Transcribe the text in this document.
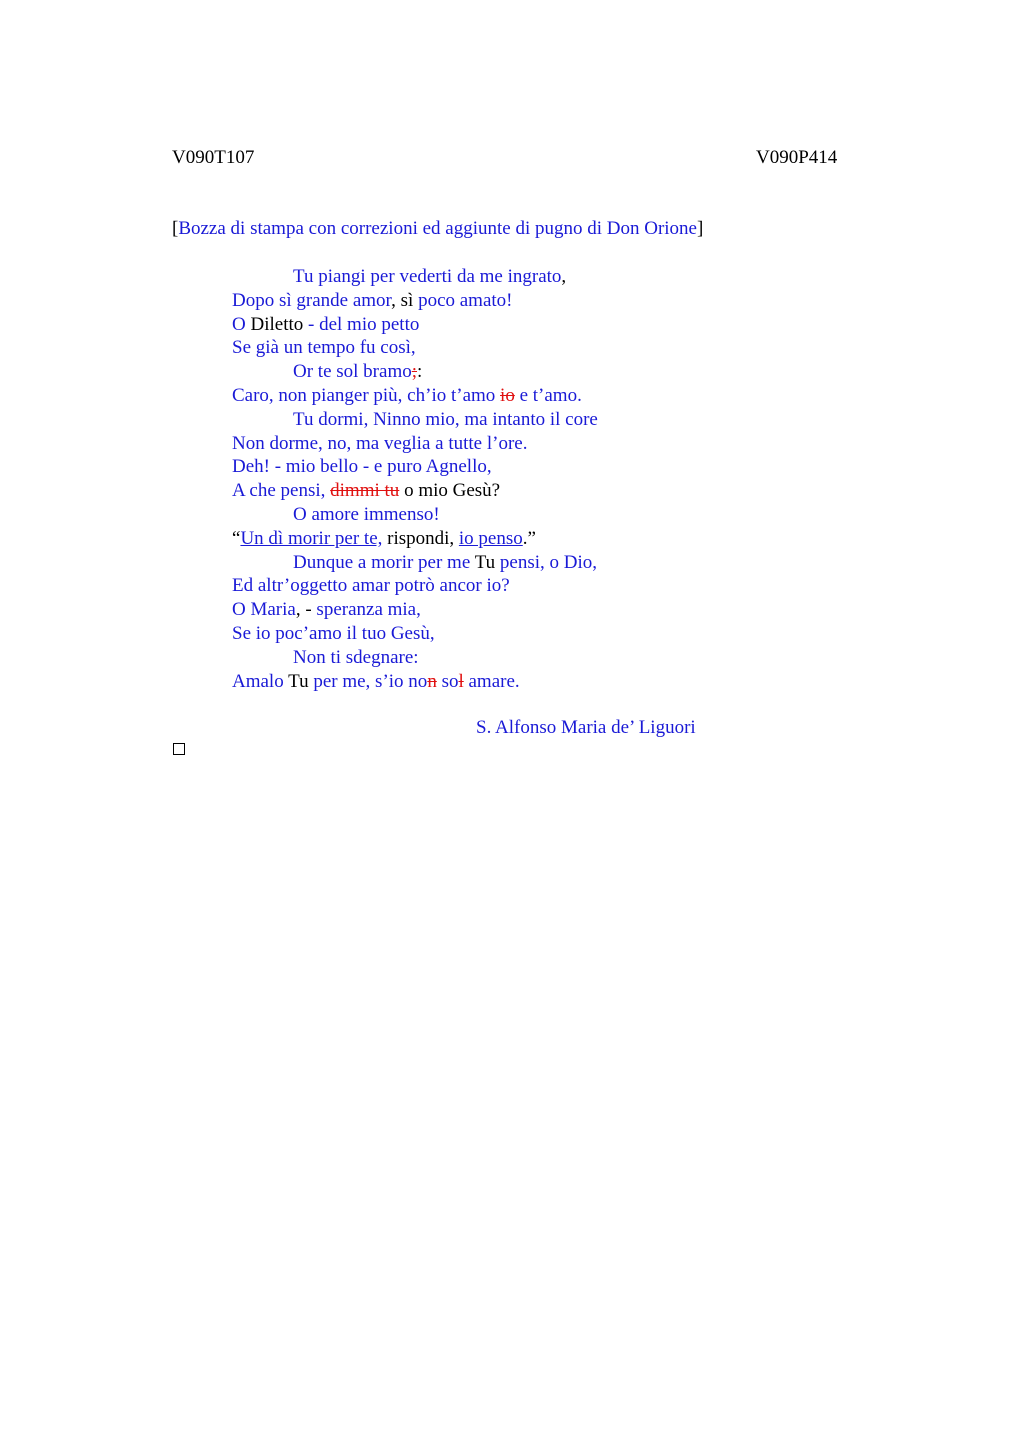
V090T107	V090P414
[Bozza di stampa con correzioni ed aggiunte di pugno di Don Orione]
Tu piangi per vederti da me ingrato,
Dopo sì grande amor, sì poco amato!
O Diletto - del mio petto
Se già un tempo fu così,
Or te sol bramo;:
Caro, non pianger più, ch’io t’amo io e t’amo.
Tu dormi, Ninno mio, ma intanto il core
Non dorme, no, ma veglia a tutte l’ore.
Deh! - mio bello - e puro Agnello,
A che pensi, dimmi tu o mio Gesù?
O amore immenso!
“Un dì morir per te, rispondi, io penso.”
Dunque a morir per me Tu pensi, o Dio,
Ed altr’oggetto amar potrò ancor io?
O Maria, - speranza mia,
Se io poc’amo il tuo Gesù,
Non ti sdegnare:
Amalo Tu per me, s’io non sol amare.
S. Alfonso Maria de’ Liguori
